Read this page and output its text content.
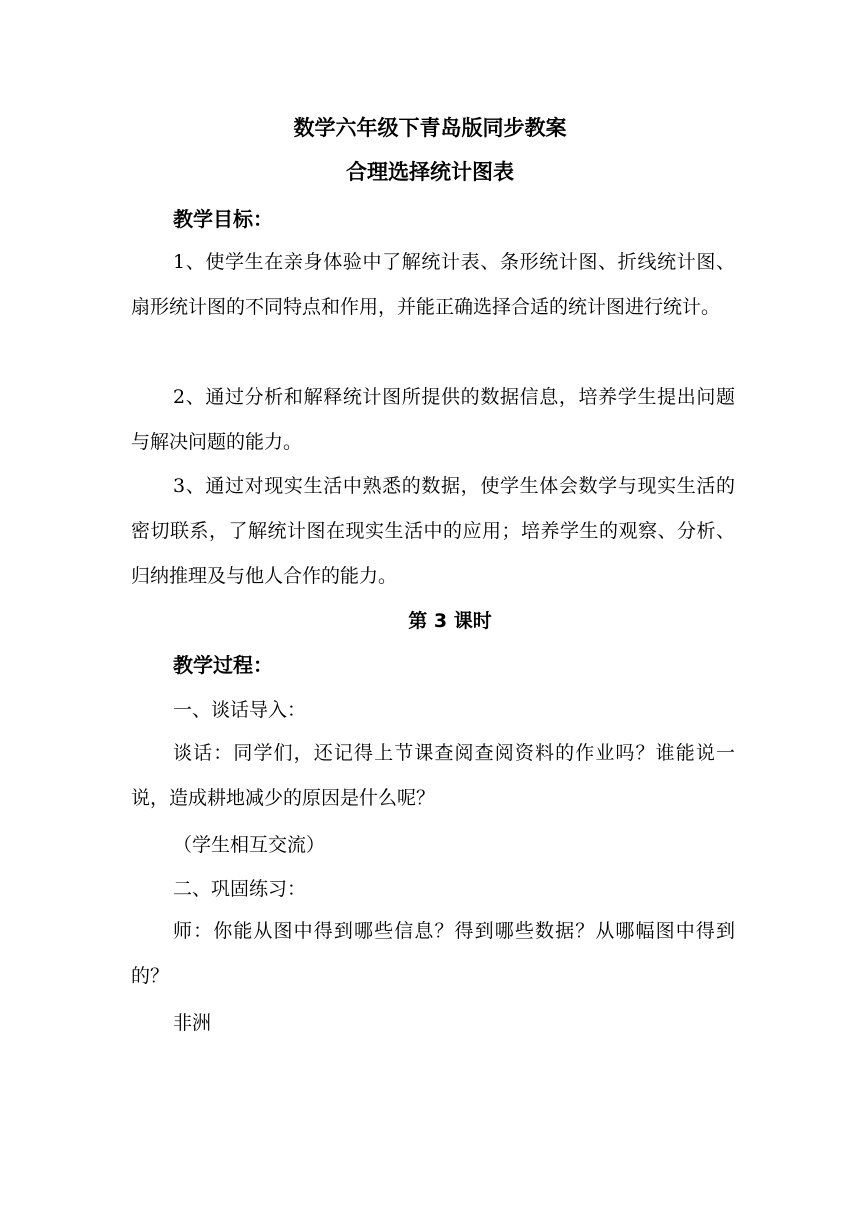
数学六年级下青岛版同步教案
合理选择统计图表

教学目标：

1、使学生在亲身体验中了解统计表、条形统计图、折线统计图、扇形统计图的不同特点和作用，并能正确选择合适的统计图进行统计。

2、通过分析和解释统计图所提供的数据信息，培养学生提出问题与解决问题的能力。

3、通过对现实生活中熟悉的数据，使学生体会数学与现实生活的密切联系，了解统计图在现实生活中的应用；培养学生的观察、分析、归纳推理及与他人合作的能力。

第 3 课时

教学过程：

一、谈话导入：

谈话：同学们，还记得上节课查阅查阅资料的作业吗？谁能说一说，造成耕地减少的原因是什么呢？

（学生相互交流）

二、巩固练习：

师：你能从图中得到哪些信息？得到哪些数据？从哪幅图中得到的？

非洲
